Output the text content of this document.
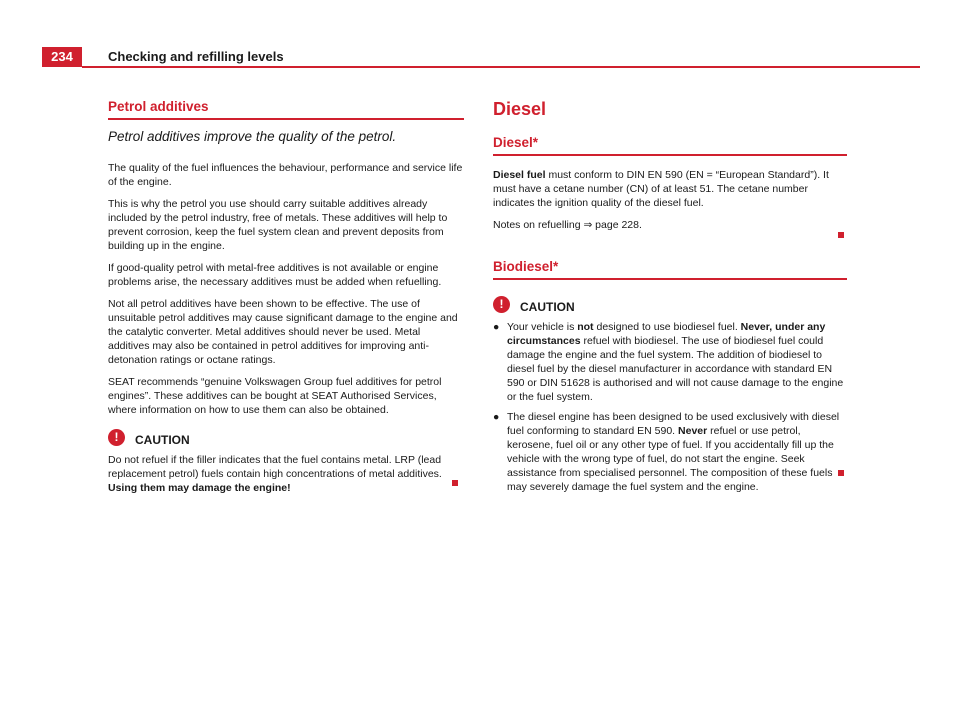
234	Checking and refilling levels
Petrol additives
Petrol additives improve the quality of the petrol.

The quality of the fuel influences the behaviour, performance and service life of the engine.

This is why the petrol you use should carry suitable additives already included by the petrol industry, free of metals. These additives will help to prevent corrosion, keep the fuel system clean and prevent deposits from building up in the engine.

If good-quality petrol with metal-free additives is not available or engine problems arise, the necessary additives must be added when refuelling.

Not all petrol additives have been shown to be effective. The use of unsuitable petrol additives may cause significant damage to the engine and the catalytic converter. Metal additives should never be used. Metal additives may also be contained in petrol additives for improving anti-detonation ratings or octane ratings.

SEAT recommends “genuine Volkswagen Group fuel additives for petrol engines”. These additives can be bought at SEAT Authorised Services, where information on how to use them can also be obtained.

!	CAUTION

Do not refuel if the filler indicates that the fuel contains metal. LRP (lead replacement petrol) fuels contain high concentrations of metal additives. Using them may damage the engine!

Diesel
Diesel*

Diesel fuel must conform to DIN EN 590 (EN = “European Standard”). It must have a cetane number (CN) of at least 51. The cetane number indicates the ignition quality of the diesel fuel.

Notes on refuelling ⇒ page 228.

Biodiesel*
!	CAUTION
● Your vehicle is not designed to use biodiesel fuel. Never, under any circumstances refuel with biodiesel. The use of biodiesel fuel could damage the engine and the fuel system. The addition of biodiesel to diesel fuel by the diesel manufacturer in accordance with standard EN 590 or DIN 51628 is authorised and will not cause damage to the engine or the fuel system.
● The diesel engine has been designed to be used exclusively with diesel fuel conforming to standard EN 590. Never refuel or use petrol, kerosene, fuel oil or any other type of fuel. If you accidentally fill up the vehicle with the wrong type of fuel, do not start the engine. Seek assistance from specialised personnel. The composition of these fuels may severely damage the fuel system and the engine.
